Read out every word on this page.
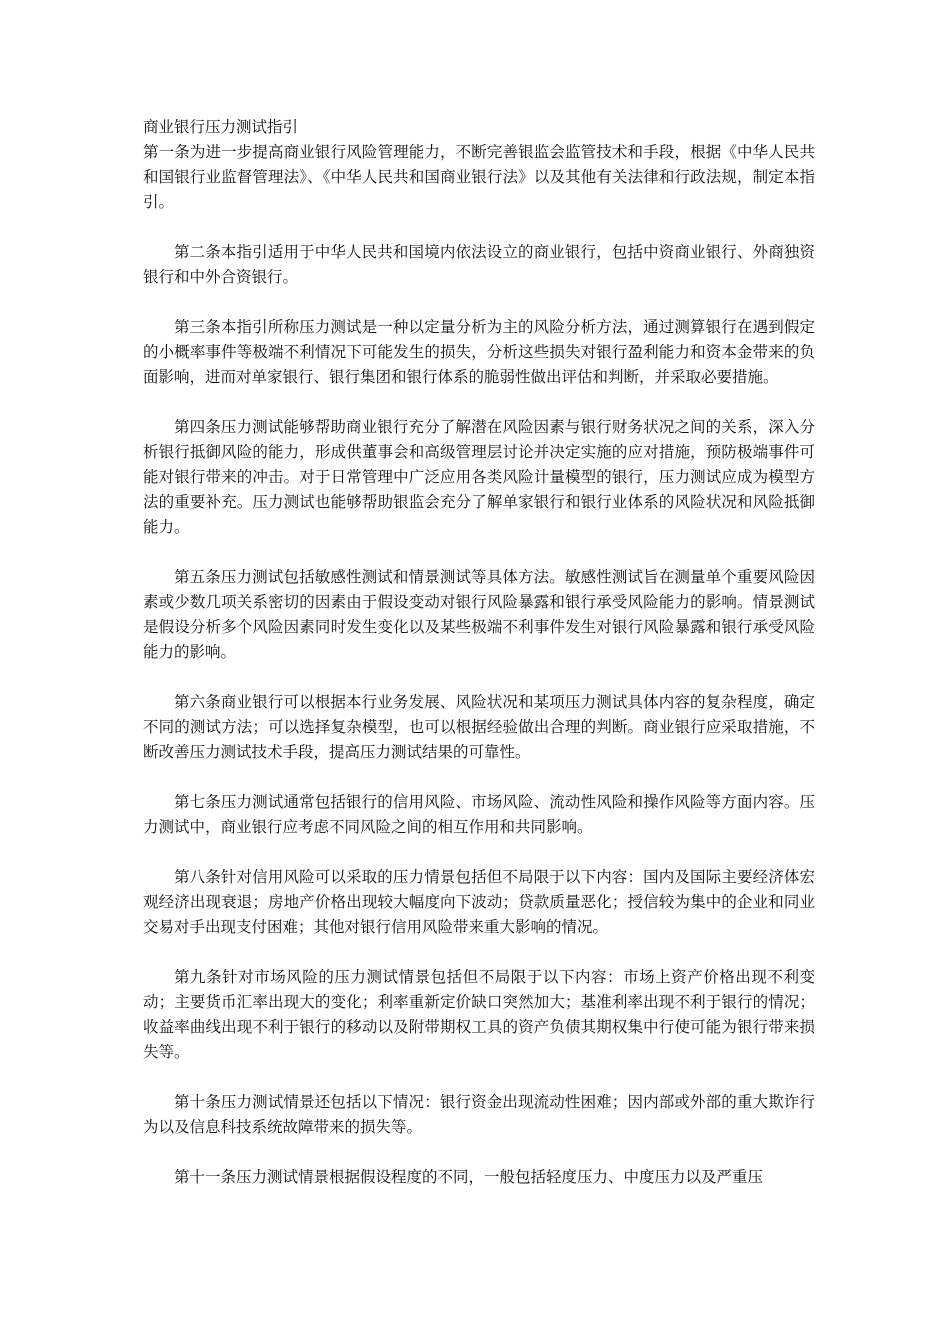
商业银行压力测试指引

第一条为进一步提高商业银行风险管理能力，不断完善银监会监管技术和手段，根据《中华人民共和国银行业监督管理法》、《中华人民共和国商业银行法》以及其他有关法律和行政法规，制定本指引。

第二条本指引适用于中华人民共和国境内依法设立的商业银行，包括中资商业银行、外商独资银行和中外合资银行。

第三条本指引所称压力测试是一种以定量分析为主的风险分析方法，通过测算银行在遇到假定的小概率事件等极端不利情况下可能发生的损失，分析这些损失对银行盈利能力和资本金带来的负面影响，进而对单家银行、银行集团和银行体系的脆弱性做出评估和判断，并采取必要措施。

第四条压力测试能够帮助商业银行充分了解潜在风险因素与银行财务状况之间的关系，深入分析银行抵御风险的能力，形成供董事会和高级管理层讨论并决定实施的应对措施，预防极端事件可能对银行带来的冲击。对于日常管理中广泛应用各类风险计量模型的银行，压力测试应成为模型方法的重要补充。压力测试也能够帮助银监会充分了解单家银行和银行业体系的风险状况和风险抵御能力。

第五条压力测试包括敏感性测试和情景测试等具体方法。敏感性测试旨在测量单个重要风险因素或少数几项关系密切的因素由于假设变动对银行风险暴露和银行承受风险能力的影响。情景测试是假设分析多个风险因素同时发生变化以及某些极端不利事件发生对银行风险暴露和银行承受风险能力的影响。

第六条商业银行可以根据本行业务发展、风险状况和某项压力测试具体内容的复杂程度，确定不同的测试方法；可以选择复杂模型，也可以根据经验做出合理的判断。商业银行应采取措施，不断改善压力测试技术手段，提高压力测试结果的可靠性。

第七条压力测试通常包括银行的信用风险、市场风险、流动性风险和操作风险等方面内容。压力测试中，商业银行应考虑不同风险之间的相互作用和共同影响。

第八条针对信用风险可以采取的压力情景包括但不局限于以下内容：国内及国际主要经济体宏观经济出现衰退；房地产价格出现较大幅度向下波动；贷款质量恶化；授信较为集中的企业和同业交易对手出现支付困难；其他对银行信用风险带来重大影响的情况。

第九条针对市场风险的压力测试情景包括但不局限于以下内容：市场上资产价格出现不利变动；主要货币汇率出现大的变化；利率重新定价缺口突然加大；基准利率出现不利于银行的情况；收益率曲线出现不利于银行的移动以及附带期权工具的资产负债其期权集中行使可能为银行带来损失等。

第十条压力测试情景还包括以下情况：银行资金出现流动性困难；因内部或外部的重大欺诈行为以及信息科技系统故障带来的损失等。

第十一条压力测试情景根据假设程度的不同，一般包括轻度压力、中度压力以及严重压
